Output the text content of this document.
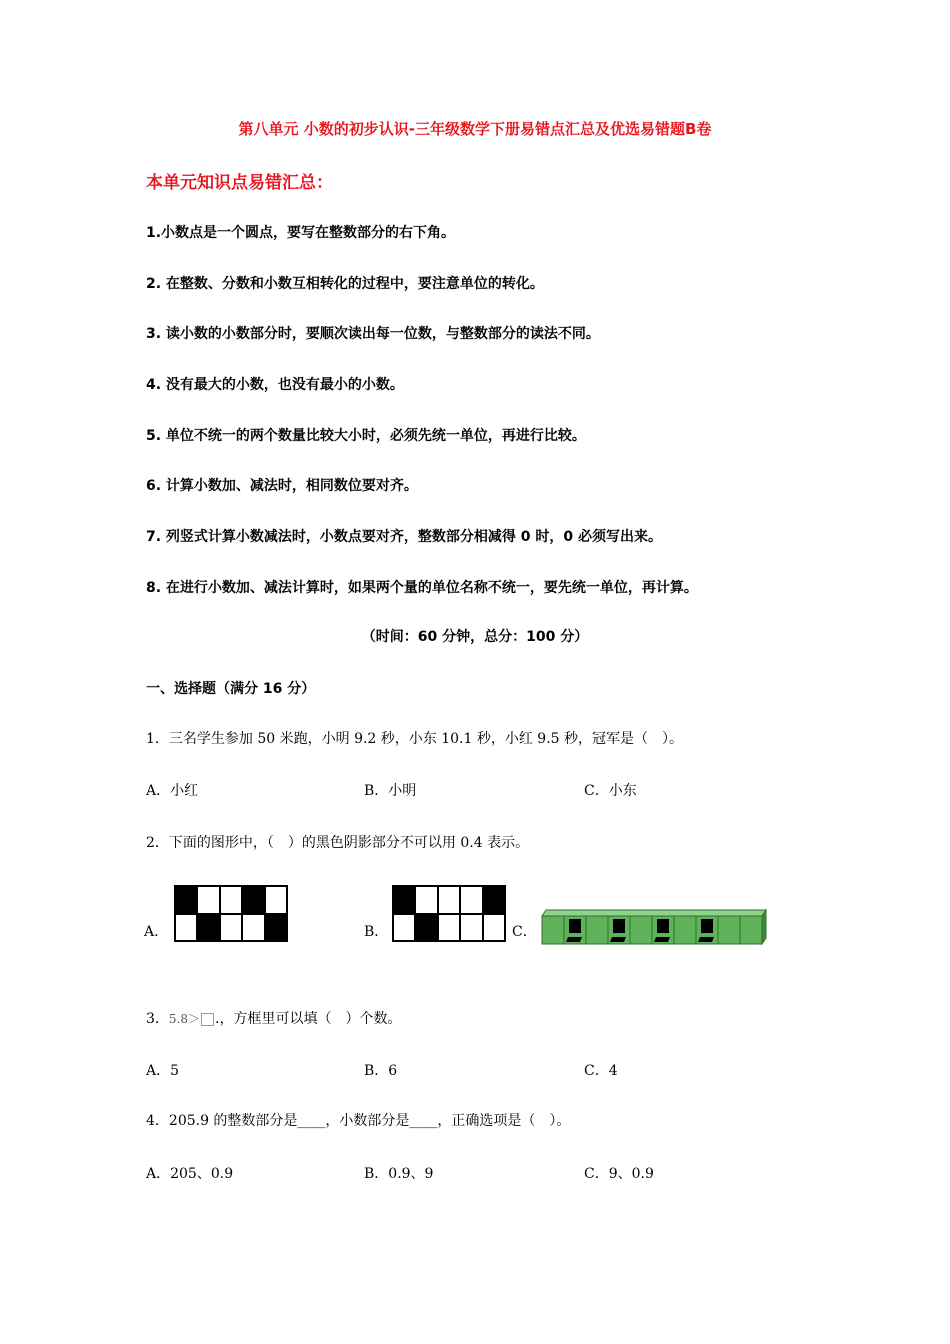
第八单元 小数的初步认识-三年级数学下册易错点汇总及优选易错题B卷
本单元知识点易错汇总：
1.小数点是一个圆点，要写在整数部分的右下角。
2. 在整数、分数和小数互相转化的过程中，要注意单位的转化。
3. 读小数的小数部分时，要顺次读出每一位数，与整数部分的读法不同。
4. 没有最大的小数，也没有最小的小数。
5. 单位不统一的两个数量比较大小时，必须先统一单位，再进行比较。
6. 计算小数加、减法时，相同数位要对齐。
7. 列竖式计算小数减法时，小数点要对齐，整数部分相减得 0 时，0 必须写出来。
8. 在进行小数加、减法计算时，如果两个量的单位名称不统一，要先统一单位，再计算。
（时间：60 分钟，总分：100 分）
一、选择题（满分 16 分）
1．三名学生参加 50 米跑，小明 9.2 秒，小东 10.1 秒，小红 9.5 秒，冠军是（　）。
A．小红	B．小明	C．小东
2．下面的图形中，（　）的黑色阴影部分不可以用 0.4 表示。
A．	B．	C．
3．5.8＞ .，方框里可以填（　）个数。
A．5	B．6	C．4
4．205.9 的整数部分是____，小数部分是____，正确选项是（　）。
A．205、0.9	B．0.9、9	C．9、0.9
